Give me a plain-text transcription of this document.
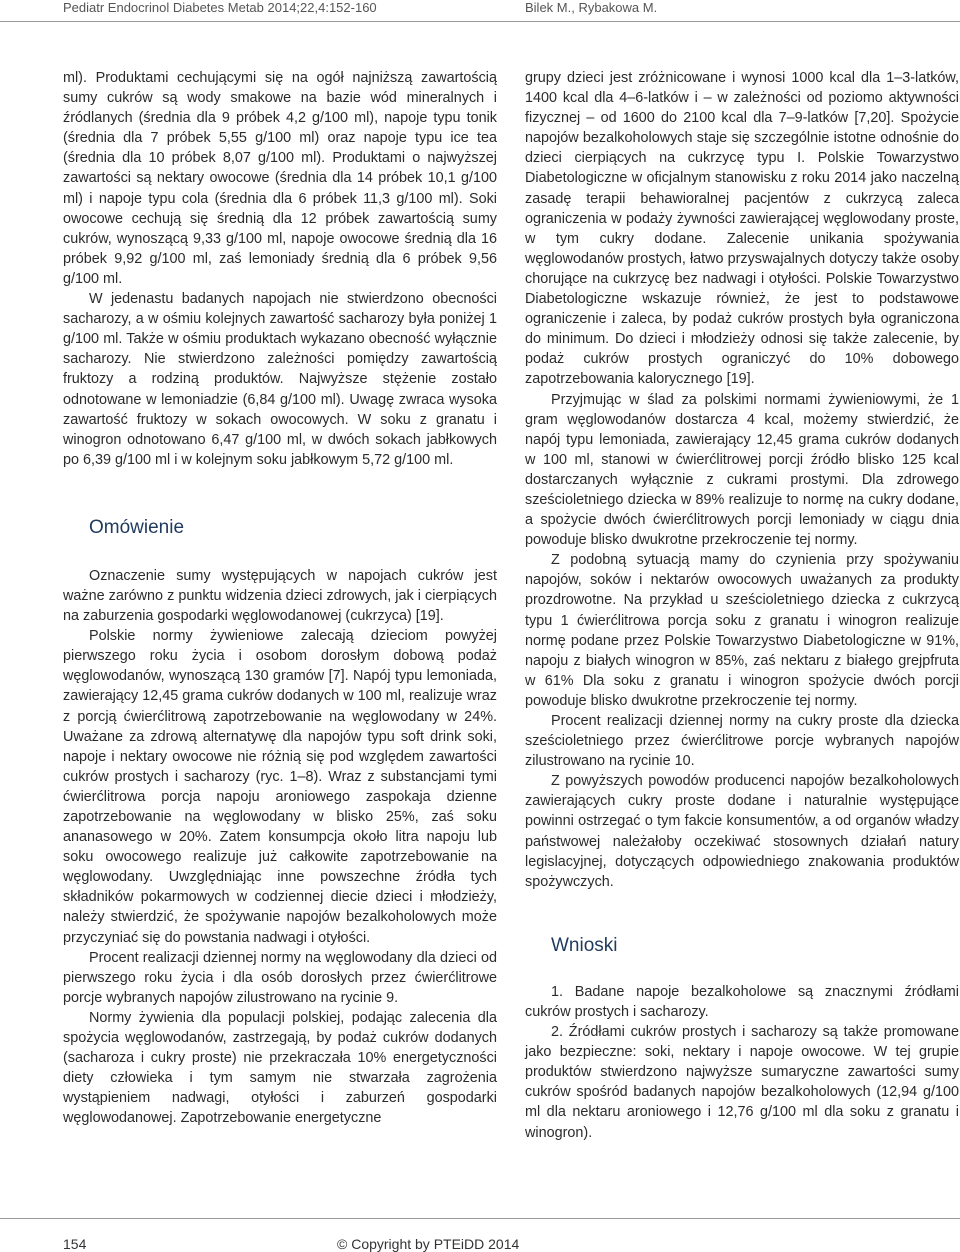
Pediatr Endocrinol Diabetes Metab 2014;22,4:152-160	Bilek M., Rybakowa M.

ml). Produktami cechującymi się na ogół najniższą zawartością sumy cukrów są wody smakowe na bazie wód mineralnych i źródlanych (średnia dla 9 próbek 4,2 g/100 ml), napoje typu tonik (średnia dla 7 próbek 5,55 g/100 ml) oraz napoje typu ice tea (średnia dla 10 próbek 8,07 g/100 ml). Produktami o najwyższej zawartości są nektary owocowe (średnia dla 14 próbek 10,1 g/100 ml) i napoje typu cola (średnia dla 6 próbek 11,3 g/100 ml). Soki owocowe cechują się średnią dla 12 próbek zawartością sumy cukrów, wynoszącą 9,33 g/100 ml, napoje owocowe średnią dla 16 próbek 9,92 g/100 ml, zaś lemoniady średnią dla 6 próbek 9,56 g/100 ml.

W jedenastu badanych napojach nie stwierdzono obecności sacharozy, a w ośmiu kolejnych zawartość sacharozy była poniżej 1 g/100 ml. Także w ośmiu produktach wykazano obecność wyłącznie sacharozy. Nie stwierdzono zależności pomiędzy zawartością fruktozy a rodziną produktów. Najwyższe stężenie zostało odnotowane w lemoniadzie (6,84 g/100 ml). Uwagę zwraca wysoka zawartość fruktozy w sokach owocowych. W soku z granatu i winogron odnotowano 6,47 g/100 ml, w dwóch sokach jabłkowych po 6,39 g/100 ml i w kolejnym soku jabłkowym 5,72 g/100 ml.

Omówienie

Oznaczenie sumy występujących w napojach cukrów jest ważne zarówno z punktu widzenia dzieci zdrowych, jak i cierpiących na zaburzenia gospodarki węglowodanowej (cukrzyca) [19].

Polskie normy żywieniowe zalecają dzieciom powyżej pierwszego roku życia i osobom dorosłym dobową podaż węglowodanów, wynoszącą 130 gramów [7]. Napój typu lemoniada, zawierający 12,45 grama cukrów dodanych w 100 ml, realizuje wraz z porcją ćwierćlitrową zapotrzebowanie na węglowodany w 24%. Uważane za zdrową alternatywę dla napojów typu soft drink soki, napoje i nektary owocowe nie różnią się pod względem zawartości cukrów prostych i sacharozy (ryc. 1–8). Wraz z substancjami tymi ćwierćlitrowa porcja napoju aroniowego zaspokaja dzienne zapotrzebowanie na węglowodany w blisko 25%, zaś soku ananasowego w 20%. Zatem konsumpcja około litra napoju lub soku owocowego realizuje już całkowite zapotrzebowanie na węglowodany. Uwzględniając inne powszechne źródła tych składników pokarmowych w codziennej diecie dzieci i młodzieży, należy stwierdzić, że spożywanie napojów bezalkoholowych może przyczyniać się do powstania nadwagi i otyłości.

Procent realizacji dziennej normy na węglowodany dla dzieci od pierwszego roku życia i dla osób dorosłych przez ćwierćlitrowe porcje wybranych napojów zilustrowano na rycinie 9.

Normy żywienia dla populacji polskiej, podając zalecenia dla spożycia węglowodanów, zastrzegają, by podaż cukrów dodanych (sacharoza i cukry proste) nie przekraczała 10% energetyczności diety człowieka i tym samym nie stwarzała zagrożenia wystąpieniem nadwagi, otyłości i zaburzeń gospodarki węglowodanowej. Zapotrzebowanie energetyczne

grupy dzieci jest zróżnicowane i wynosi 1000 kcal dla 1–3-latków, 1400 kcal dla 4–6-latków i – w zależności od poziomo aktywności fizycznej – od 1600 do 2100 kcal dla 7–9-latków [7,20]. Spożycie napojów bezalkoholowych staje się szczególnie istotne odnośnie do dzieci cierpiących na cukrzycę typu I. Polskie Towarzystwo Diabetologiczne w oficjalnym stanowisku z roku 2014 jako naczelną zasadę terapii behawioralnej pacjentów z cukrzycą zaleca ograniczenia w podaży żywności zawierającej węglowodany proste, w tym cukry dodane. Zalecenie unikania spożywania węglowodanów prostych, łatwo przyswajalnych dotyczy także osoby chorujące na cukrzycę bez nadwagi i otyłości. Polskie Towarzystwo Diabetologiczne wskazuje również, że jest to podstawowe ograniczenie i zaleca, by podaż cukrów prostych była ograniczona do minimum. Do dzieci i młodzieży odnosi się także zalecenie, by podaż cukrów prostych ograniczyć do 10% dobowego zapotrzebowania kalorycznego [19].

Przyjmując w ślad za polskimi normami żywieniowymi, że 1 gram węglowodanów dostarcza 4 kcal, możemy stwierdzić, że napój typu lemoniada, zawierający 12,45 grama cukrów dodanych w 100 ml, stanowi w ćwierćlitrowej porcji źródło blisko 125 kcal dostarczanych wyłącznie z cukrami prostymi. Dla zdrowego sześcioletniego dziecka w 89% realizuje to normę na cukry dodane, a spożycie dwóch ćwierćlitrowych porcji lemoniady w ciągu dnia powoduje blisko dwukrotne przekroczenie tej normy.

Z podobną sytuacją mamy do czynienia przy spożywaniu napojów, soków i nektarów owocowych uważanych za produkty prozdrowotne. Na przykład u sześcioletniego dziecka z cukrzycą typu 1 ćwierćlitrowa porcja soku z granatu i winogron realizuje normę podane przez Polskie Towarzystwo Diabetologiczne w 91%, napoju z białych winogron w 85%, zaś nektaru z białego grejpfruta w 61% Dla soku z granatu i winogron spożycie dwóch porcji powoduje blisko dwukrotne przekroczenie tej normy.

Procent realizacji dziennej normy na cukry proste dla dziecka sześcioletniego przez ćwierćlitrowe porcje wybranych napojów zilustrowano na rycinie 10.

Z powyższych powodów producenci napojów bezalkoholowych zawierających cukry proste dodane i naturalnie występujące powinni ostrzegać o tym fakcie konsumentów, a od organów władzy państwowej należałoby oczekiwać stosownych działań natury legislacyjnej, dotyczących odpowiedniego znakowania produktów spożywczych.

Wnioski

1. Badane napoje bezalkoholowe są znacznymi źródłami cukrów prostych i sacharozy.

2. Źródłami cukrów prostych i sacharozy są także promowane jako bezpieczne: soki, nektary i napoje owocowe. W tej grupie produktów stwierdzono najwyższe sumaryczne zawartości sumy cukrów spośród badanych napojów bezalkoholowych (12,94 g/100 ml dla nektaru aroniowego i 12,76 g/100 ml dla soku z granatu i winogron).

154	© Copyright by PTEiDD 2014
